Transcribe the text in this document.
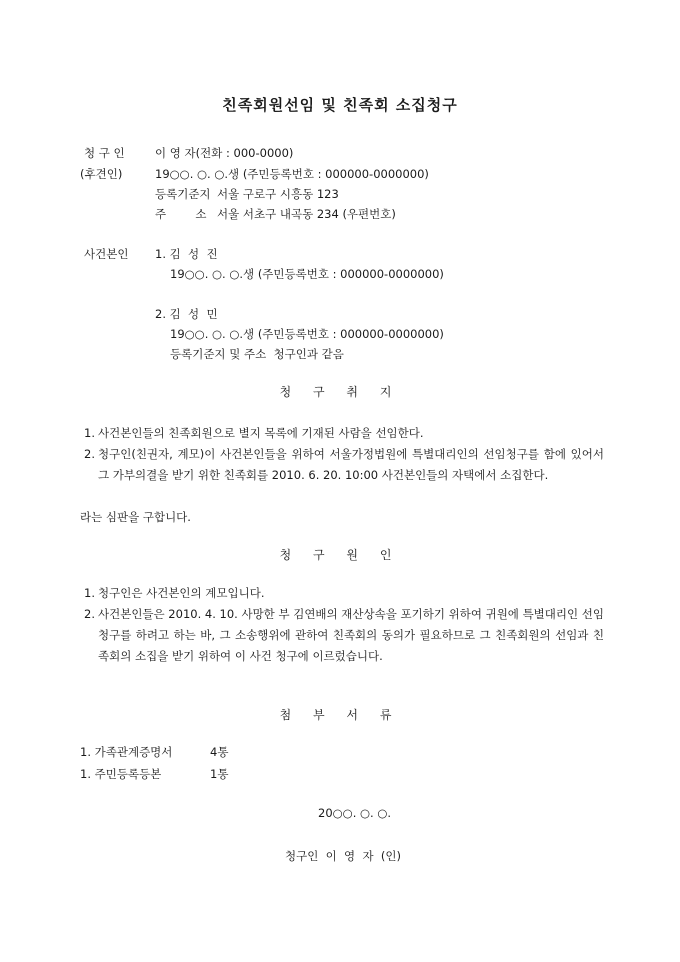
친족회원선임 및 친족회 소집청구
청 구 인	이 영 자(전화 : 000-0000)
(후견인)	19○○. ○. ○.생 (주민등록번호 : 000000-0000000)
등록기준지 서울 구로구 시흥동 123
주        소 서울 서초구 내곡동 234 (우편번호)
사건본인 1. 김  성  진
19○○. ○. ○.생 (주민등록번호 : 000000-0000000)
2. 김  성  민
19○○. ○. ○.생 (주민등록번호 : 000000-0000000)
등록기준지 및 주소  청구인과 같음
청 구 취 지
1. 사건본인들의 친족회원으로 별지 목록에 기재된 사람을 선임한다.
2. 청구인(친권자, 계모)이 사건본인들을 위하여 서울가정법원에 특별대리인의 선임청구를 함에 있어서 그 가부의결을 받기 위한 친족회를 2010. 6. 20. 10:00 사건본인들의 자택에서 소집한다.
라는 심판을 구합니다.
청 구 원 인
1. 청구인은 사건본인의 계모입니다.
2. 사건본인들은 2010. 4. 10. 사망한 부 김연배의 재산상속을 포기하기 위하여 귀원에 특별대리인 선임청구를 하려고 하는 바, 그 소송행위에 관하여 친족회의 동의가 필요하므로 그 친족회원의 선임과 친족회의 소집을 받기 위하여 이 사건 청구에 이르렀습니다.
첨 부 서 류
1. 가족관계증명서	4통
1. 주민등록등본	1통
20○○. ○. ○.
청구인  이  영  자  (인)
